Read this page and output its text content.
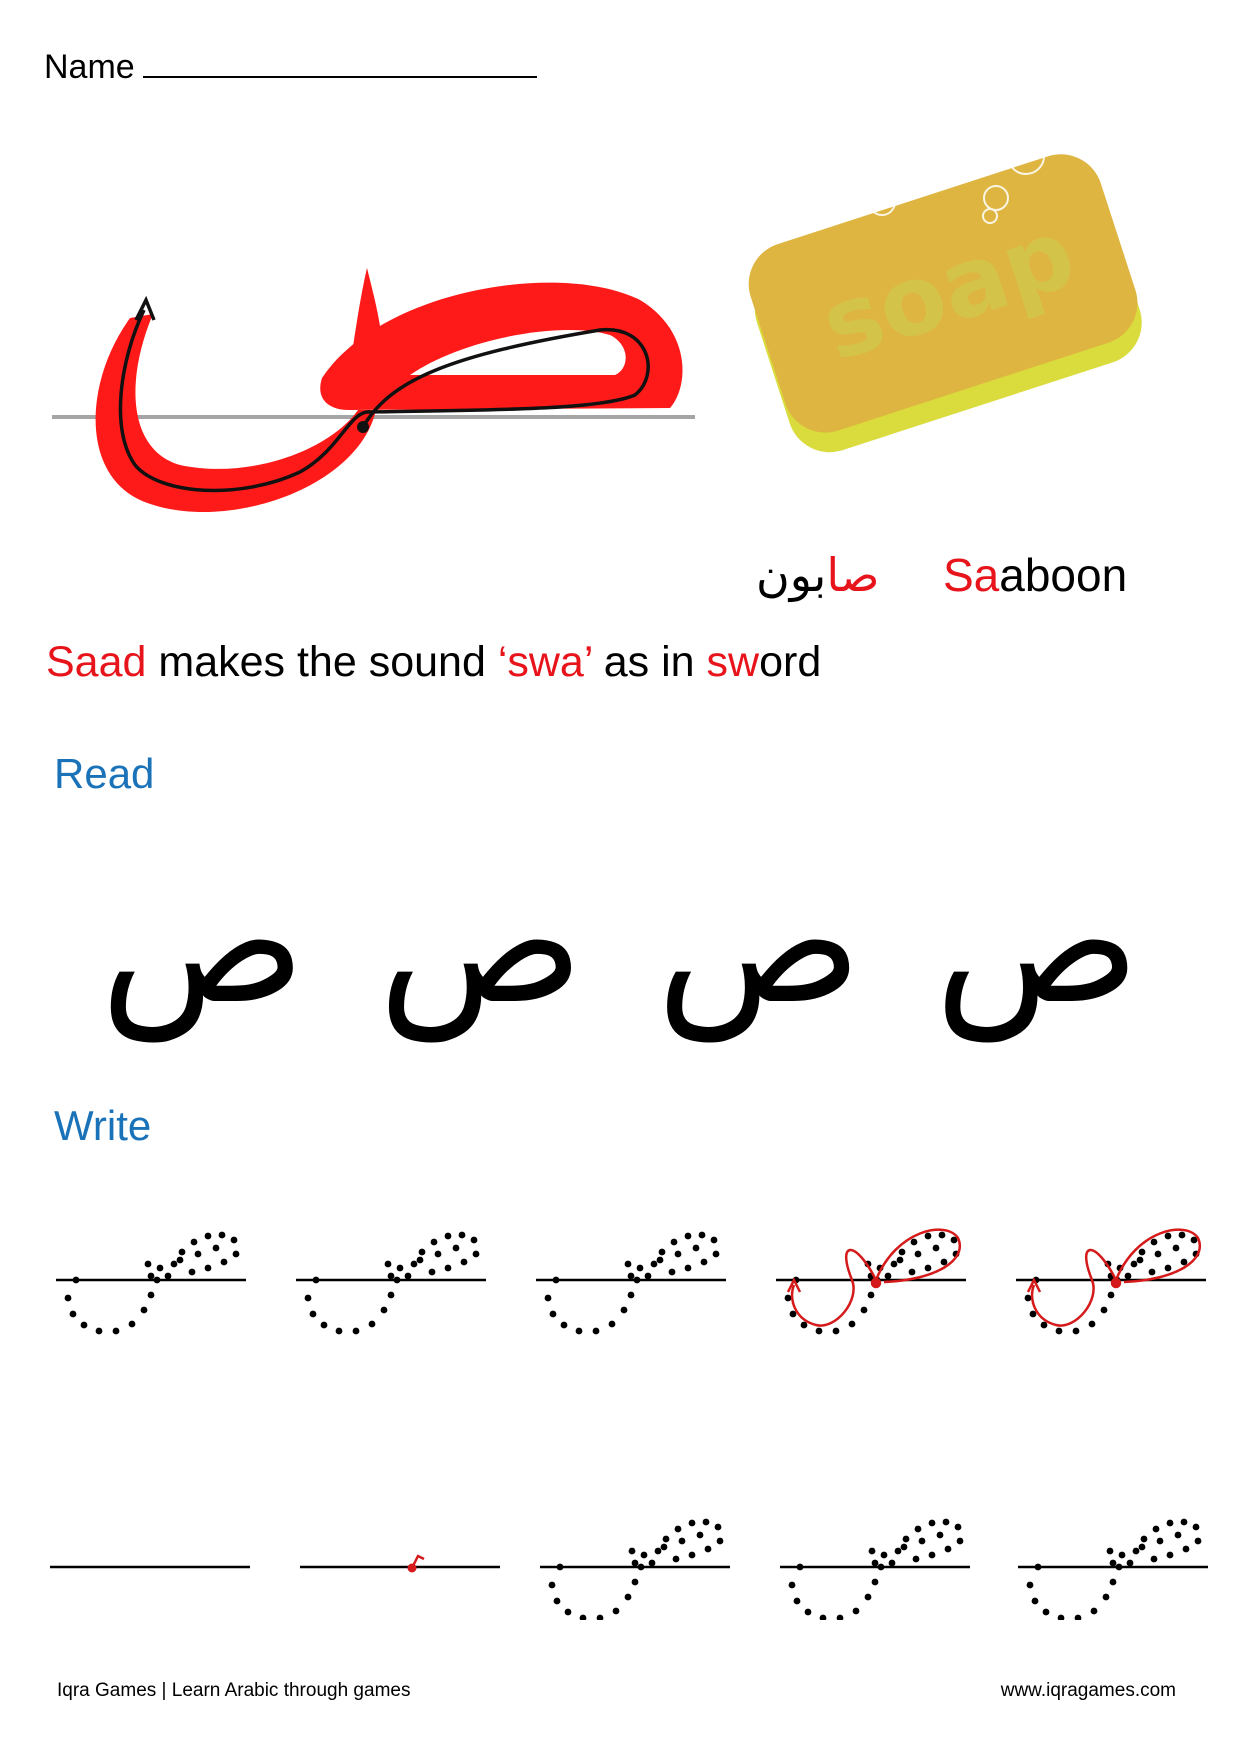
Name
soap
صابون	Saaboon
Saad makes the sound ‘swa’ as in sword
Read
ص ص ص ص
Write
Iqra Games | Learn Arabic through games	www.iqragames.com
